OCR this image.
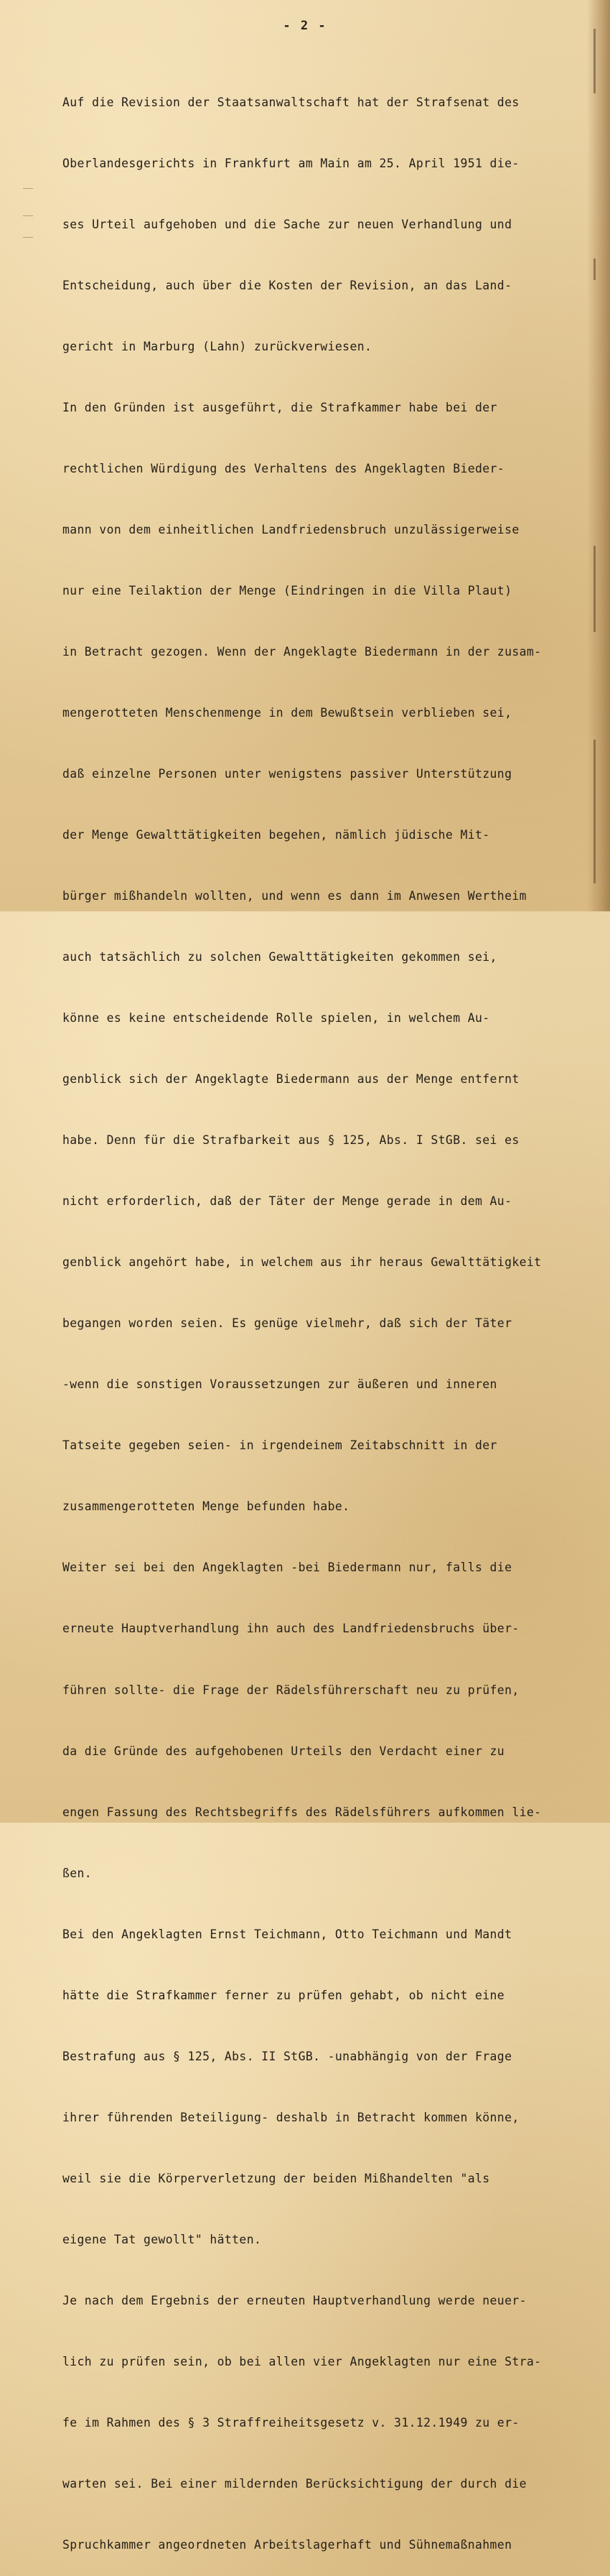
- 2 -

Auf die Revision der Staatsanwaltschaft hat der Strafsenat des

Oberlandesgerichts in Frankfurt am Main am 25. April 1951 die-

ses Urteil aufgehoben und die Sache zur neuen Verhandlung und

Entscheidung, auch über die Kosten der Revision, an das Land-

gericht in Marburg (Lahn) zurückverwiesen.

In den Gründen ist ausgeführt, die Strafkammer habe bei der

rechtlichen Würdigung des Verhaltens des Angeklagten Bieder-

mann von dem einheitlichen Landfriedensbruch unzulässigerweise

nur eine Teilaktion der Menge (Eindringen in die Villa Plaut)

in Betracht gezogen. Wenn der Angeklagte Biedermann in der zusam-

mengerotteten Menschenmenge in dem Bewußtsein verblieben sei,

daß einzelne Personen unter wenigstens passiver Unterstützung

der Menge Gewalttätigkeiten begehen, nämlich jüdische Mit-

bürger mißhandeln wollten, und wenn es dann im Anwesen Wertheim

auch tatsächlich zu solchen Gewalttätigkeiten gekommen sei,

könne es keine entscheidende Rolle spielen, in welchem Au-

genblick sich der Angeklagte Biedermann aus der Menge entfernt

habe. Denn für die Strafbarkeit aus § 125, Abs. I StGB. sei es

nicht erforderlich, daß der Täter der Menge gerade in dem Au-

genblick angehört habe, in welchem aus ihr heraus Gewalttätigkeit

begangen worden seien. Es genüge vielmehr, daß sich der Täter

-wenn die sonstigen Voraussetzungen zur äußeren und inneren

Tatseite gegeben seien- in irgendeinem Zeitabschnitt in der

zusammengerotteten Menge befunden habe.

Weiter sei bei den Angeklagten -bei Biedermann nur, falls die

erneute Hauptverhandlung ihn auch des Landfriedensbruchs über-

führen sollte- die Frage der Rädelsführerschaft neu zu prüfen,

da die Gründe des aufgehobenen Urteils den Verdacht einer zu

engen Fassung des Rechtsbegriffs des Rädelsführers aufkommen lie-

ßen.

Bei den Angeklagten Ernst Teichmann, Otto Teichmann und Mandt

hätte die Strafkammer ferner zu prüfen gehabt, ob nicht eine

Bestrafung aus § 125, Abs. II StGB. -unabhängig von der Frage

ihrer führenden Beteiligung- deshalb in Betracht kommen könne,

weil sie die Körperverletzung der beiden Mißhandelten "als

eigene Tat gewollt" hätten.

Je nach dem Ergebnis der erneuten Hauptverhandlung werde neuer-

lich zu prüfen sein, ob bei allen vier Angeklagten nur eine Stra-

fe im Rahmen des § 3 Straffreiheitsgesetz v. 31.12.1949 zu er-

warten sei. Bei einer mildernden Berücksichtigung der durch die

Spruchkammer angeordneten Arbeitslagerhaft und Sühnemaßnahmen
